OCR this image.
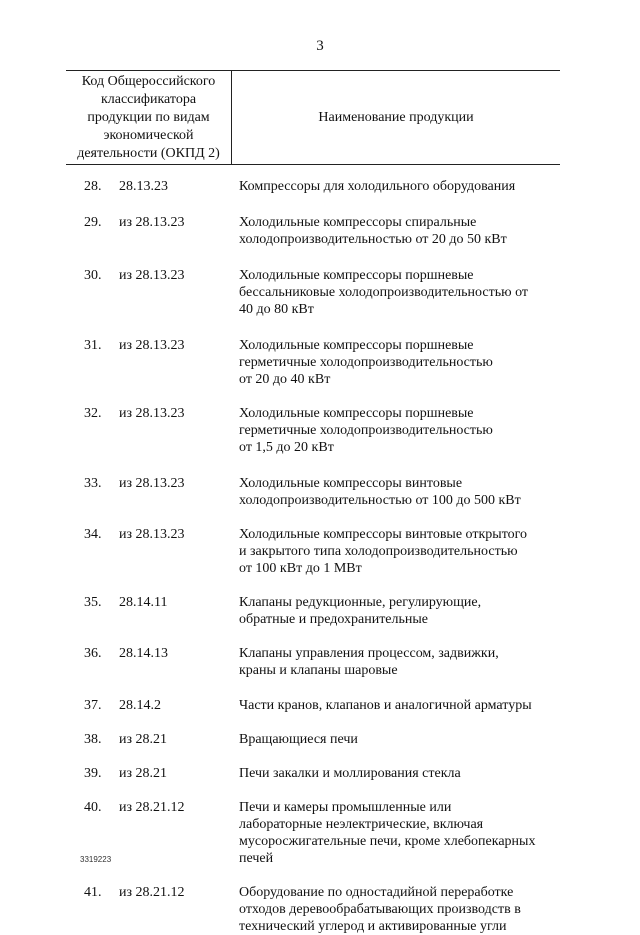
3
Код Общероссийского классификатора продукции по видам экономической деятельности (ОКПД 2)
Наименование продукции
28. 28.13.23	Компрессоры для холодильного оборудования
29. из 28.13.23	Холодильные компрессоры спиральные
холодопроизводительностью от 20 до 50 кВт
30. из 28.13.23	Холодильные компрессоры поршневые
бессальниковые холодопроизводительностью от
40 до 80 кВт
31. из 28.13.23	Холодильные компрессоры поршневые
герметичные холодопроизводительностью
от 20 до 40 кВт
32. из 28.13.23	Холодильные компрессоры поршневые
герметичные холодопроизводительностью
от 1,5 до 20 кВт
33. из 28.13.23	Холодильные компрессоры винтовые
холодопроизводительностью от 100 до 500 кВт
34. из 28.13.23	Холодильные компрессоры винтовые открытого
и закрытого типа холодопроизводительностью
от 100 кВт до 1 МВт
35. 28.14.11	Клапаны редукционные, регулирующие,
обратные и предохранительные
36. 28.14.13	Клапаны управления процессом, задвижки,
краны и клапаны шаровые
37. 28.14.2	Части кранов, клапанов и аналогичной арматуры
38. из 28.21	Вращающиеся печи
39. из 28.21	Печи закалки и моллирования стекла
40. из 28.21.12	Печи и камеры промышленные или
лабораторные неэлектрические, включая
мусоросжигательные печи, кроме хлебопекарных
печей
41. из 28.21.12	Оборудование по одностадийной переработке
отходов деревообрабатывающих производств в
технический углерод и активированные угли
3319223
